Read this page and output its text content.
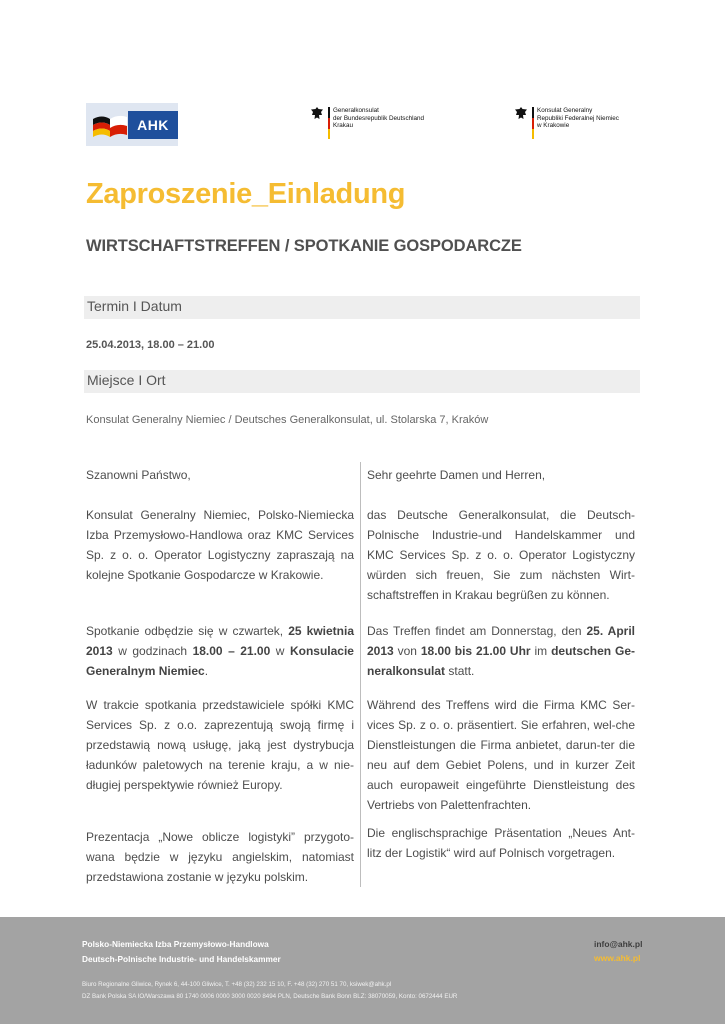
AHK
Generalkonsulat
der Bundesrepublik Deutschland
Krakau
Konsulat Generalny
Republiki Federalnej Niemiec
w Krakowie
Zaproszenie_Einladung
WIRTSCHAFTSTREFFEN / SPOTKANIE GOSPODARCZE
Termin I Datum
25.04.2013, 18.00 – 21.00
Miejsce I Ort
Konsulat Generalny Niemiec / Deutsches Generalkonsulat, ul. Stolarska 7, Kraków
Szanowni Państwo,
Konsulat Generalny Niemiec, Polsko-Niemiecka Izba Przemysłowo-Handlowa oraz KMC Services Sp. z o. o. Operator Logistyczny zapraszają na kolejne Spotkanie Gospodarcze w Krakowie.
Spotkanie odbędzie się w czwartek, 25 kwietnia 2013 w godzinach 18.00 – 21.00 w Konsulacie Generalnym Niemiec.
W trakcie spotkania przedstawiciele spółki KMC Services Sp. z o.o. zaprezentują swoją firmę i przedstawią nową usługę, jaką jest dystrybucja ładunków paletowych na terenie kraju, a w nie-długiej perspektywie również Europy.
Prezentacja „Nowe oblicze logistyki” przygoto-wana będzie w języku angielskim, natomiast przedstawiona zostanie w języku polskim.
Sehr geehrte Damen und Herren,
das Deutsche Generalkonsulat, die Deutsch-Polnische Industrie-und Handelskammer und KMC Services Sp. z o. o. Operator Logistyczny würden sich freuen, Sie zum nächsten Wirt-schaftstreffen in Krakau begrüßen zu können.
Das Treffen findet am Donnerstag, den 25. April 2013 von 18.00 bis 21.00 Uhr im deutschen Ge-neralkonsulat statt.
Während des Treffens wird die Firma KMC Ser-vices Sp. z o. o. präsentiert. Sie erfahren, wel-che Dienstleistungen die Firma anbietet, darun-ter die neu auf dem Gebiet Polens, und in kurzer Zeit auch europaweit eingeführte Dienstleistung des Vertriebs von Palettenfrachten.
Die englischsprachige Präsentation „Neues Ant-litz der Logistik“ wird auf Polnisch vorgetragen.
Polsko-Niemiecka Izba Przemysłowo-Handlowa
Deutsch-Polnische Industrie- und Handelskammer
Biuro Regionalne Gliwice, Rynek 6, 44-100 Gliwice, T. +48 (32) 232 15 10, F. +48 (32) 270 51 70, ksiwek@ahk.pl
DZ Bank Polska SA IO/Warszawa 80 1740 0006 0000 3000 0020 8494 PLN, Deutsche Bank Bonn BLZ: 38070059, Konto: 0672444 EUR
info@ahk.pl
www.ahk.pl
